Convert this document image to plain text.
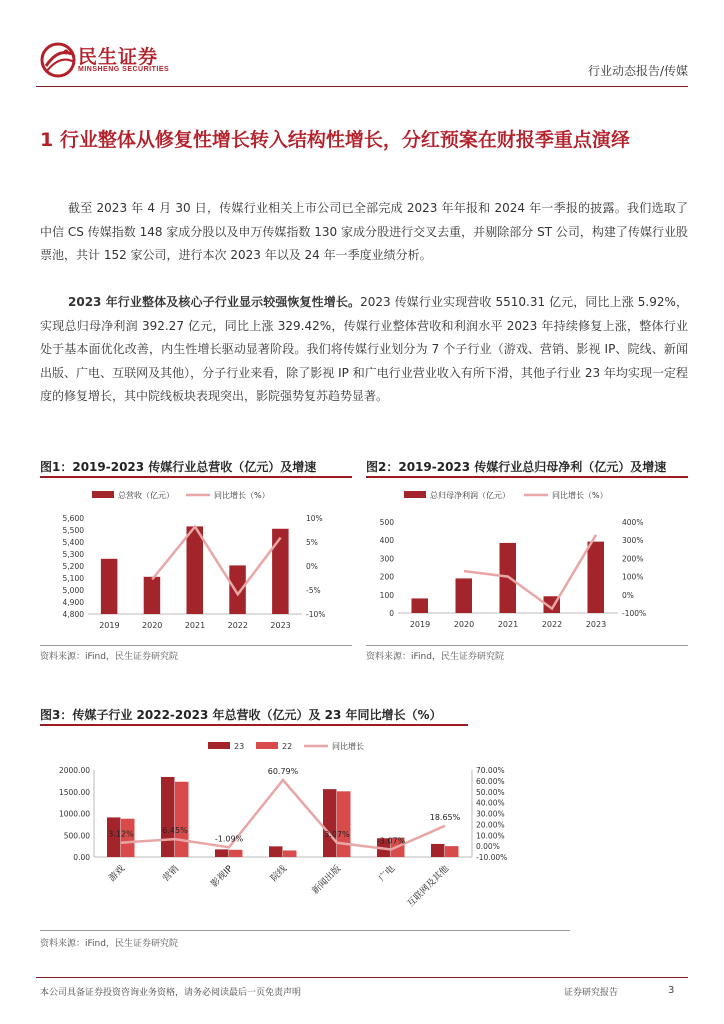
民生证券
MINSHENG SECURITIES	行业动态报告/传媒
1 行业整体从修复性增长转入结构性增长，分红预案在财报季重点演绎

截至 2023 年 4 月 30 日，传媒行业相关上市公司已全部完成 2023 年年报和 2024 年一季报的披露。我们选取了中信 CS 传媒指数 148 家成分股以及申万传媒指数 130 家成分股进行交叉去重，并剔除部分 ST 公司，构建了传媒行业股票池，共计 152 家公司，进行本次 2023 年以及 24 年一季度业绩分析。

2023 年行业整体及核心子行业显示较强恢复性增长。2023 传媒行业实现营收 5510.31 亿元，同比上涨 5.92%，实现总归母净利润 392.27 亿元，同比上涨 329.42%，传媒行业整体营收和利润水平 2023 年持续修复上涨，整体行业处于基本面优化改善，内生性增长驱动显著阶段。我们将传媒行业划分为 7 个子行业（游戏、营销、影视 IP、院线、新闻出版、广电、互联网及其他），分子行业来看，除了影视 IP 和广电行业营业收入有所下滑，其他子行业 23 年均实现一定程度的修复增长，其中院线板块表现突出，影院强势复苏趋势显著。

图1：2019-2023 传媒行业总营收（亿元）及增速
总营收（亿元）	同比增长（%）
4,800
4,900
5,000
5,100
5,200
5,300
5,400
5,500
5,600
-10%
-5%
0%
5%
10%
2019	2020	2021	2022	2023
资料来源：iFind，民生证券研究院
图2：2019-2023 传媒行业总归母净利（亿元）及增速
总归母净利润（亿元）	同比增长（%）
0
100
200
300
400
500
-100%
0%
100%
200%
300%
400%
2019	2020	2021	2022	2023
资料来源：iFind，民生证券研究院
图3：传媒子行业 2022-2023 年总营收（亿元）及 23 年同比增长（%）
23	22	同比增长
0.00
500.00
1000.00
1500.00
2000.00
-10.00%
0.00%
10.00%
20.00%
30.00%
40.00%
50.00%
60.00%
70.00%
游戏	营销	影视IP	院线 新闻出版	广电 互联网及其他
3.12%	6.45%
-1.09%
60.79%
3.07%
-3.07%
18.65%
资料来源：iFind，民生证券研究院
本公司具备证券投资咨询业务资格，请务必阅读最后一页免责声明	证券研究报告	3
